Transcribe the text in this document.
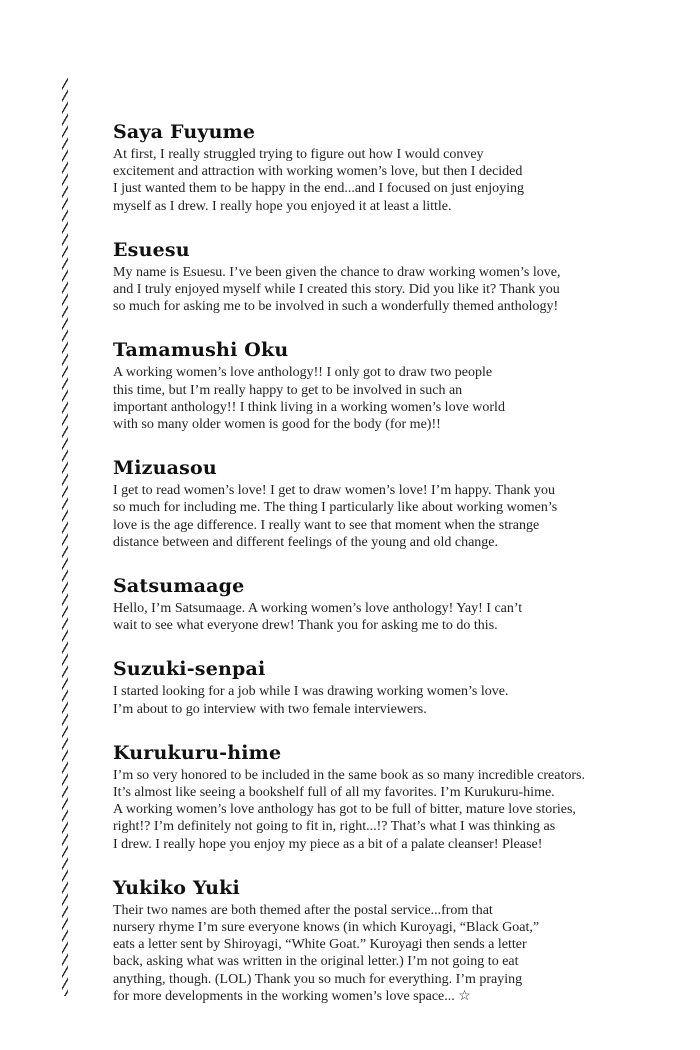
Saya Fuyume

At first, I really struggled trying to figure out how I would convey
excitement and attraction with working women’s love, but then I decided
I just wanted them to be happy in the end...and I focused on just enjoying
myself as I drew. I really hope you enjoyed it at least a little.

Esuesu

My name is Esuesu. I’ve been given the chance to draw working women’s love,
and I truly enjoyed myself while I created this story. Did you like it? Thank you
so much for asking me to be involved in such a wonderfully themed anthology!

Tamamushi Oku

A working women’s love anthology!! I only got to draw two people
this time, but I’m really happy to get to be involved in such an
important anthology!! I think living in a working women’s love world
with so many older women is good for the body (for me)!!

Mizuasou

I get to read women’s love! I get to draw women’s love! I’m happy. Thank you
so much for including me. The thing I particularly like about working women’s
love is the age difference. I really want to see that moment when the strange
distance between and different feelings of the young and old change.

Satsumaage

Hello, I’m Satsumaage. A working women’s love anthology! Yay! I can’t
wait to see what everyone drew! Thank you for asking me to do this.

Suzuki-senpai

I started looking for a job while I was drawing working women’s love.
I’m about to go interview with two female interviewers.

Kurukuru-hime

I’m so very honored to be included in the same book as so many incredible creators.
It’s almost like seeing a bookshelf full of all my favorites. I’m Kurukuru-hime.
A working women’s love anthology has got to be full of bitter, mature love stories,
right!? I’m definitely not going to fit in, right...!? That’s what I was thinking as
I drew. I really hope you enjoy my piece as a bit of a palate cleanser! Please!

Yukiko Yuki

Their two names are both themed after the postal service...from that
nursery rhyme I’m sure everyone knows (in which Kuroyagi, “Black Goat,”
eats a letter sent by Shiroyagi, “White Goat.” Kuroyagi then sends a letter
back, asking what was written in the original letter.) I’m not going to eat
anything, though. (LOL) Thank you so much for everything. I’m praying
for more developments in the working women’s love space... ☆
